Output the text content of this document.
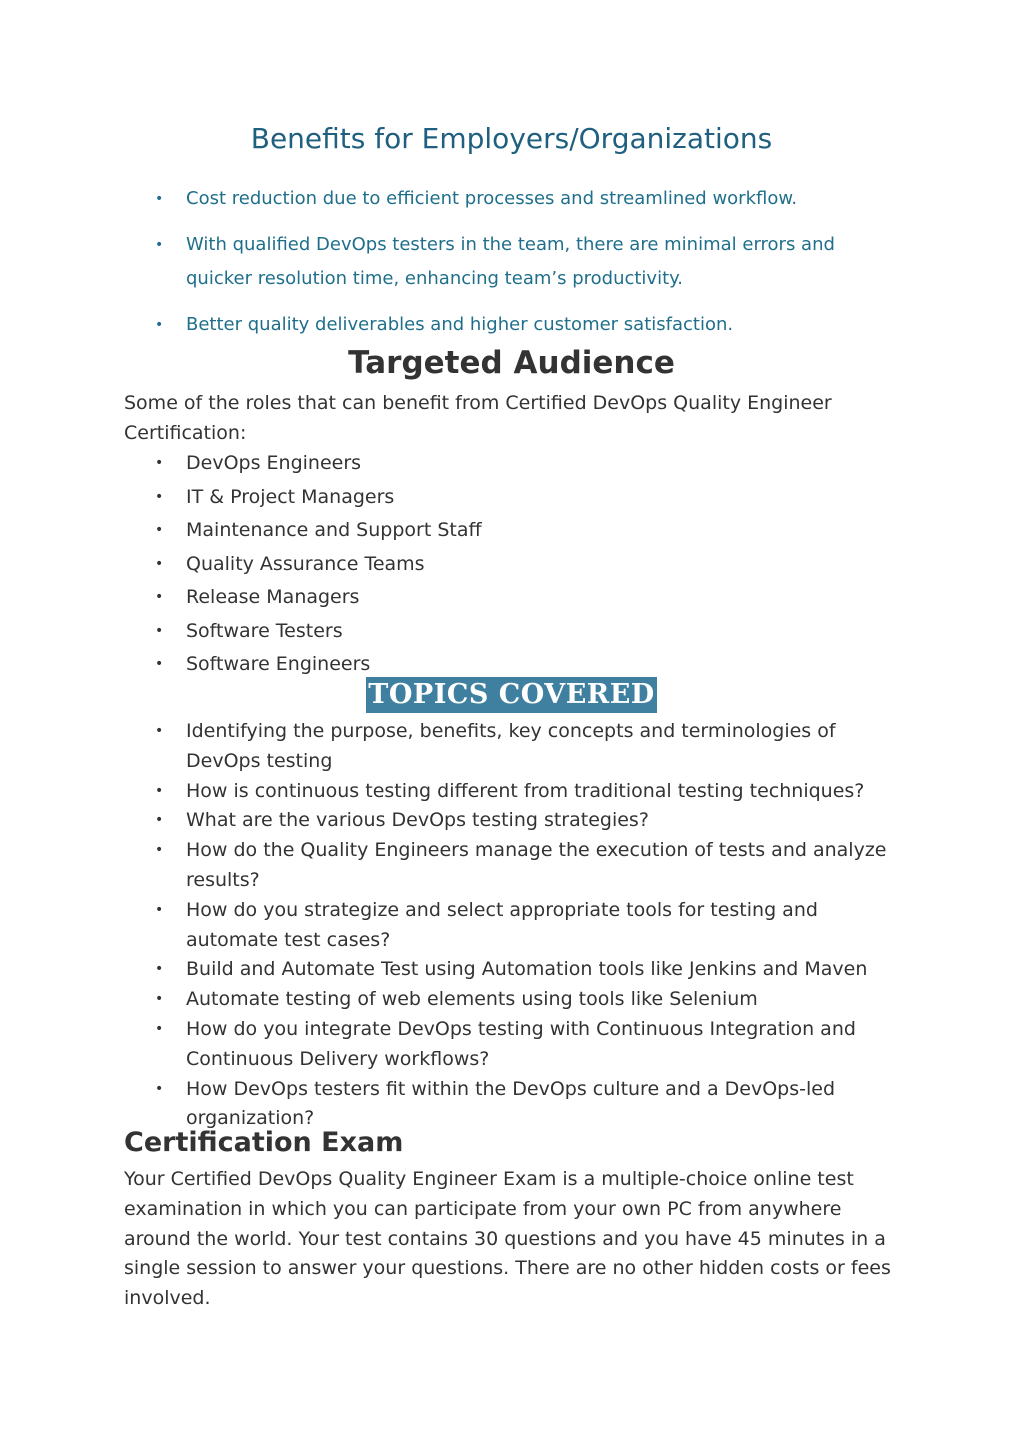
Benefits for Employers/Organizations
• Cost reduction due to efficient processes and streamlined workflow.
• With qualified DevOps testers in the team, there are minimal errors and quicker resolution time, enhancing team’s productivity.
• Better quality deliverables and higher customer satisfaction.
Targeted Audience

Some of the roles that can benefit from Certified DevOps Quality Engineer Certification:

• DevOps Engineers
• IT & Project Managers
• Maintenance and Support Staff
• Quality Assurance Teams
• Release Managers
• Software Testers
• Software Engineers
TOPICS COVERED
• Identifying the purpose, benefits, key concepts and terminologies of DevOps testing
• How is continuous testing different from traditional testing techniques?
• What are the various DevOps testing strategies?
• How do the Quality Engineers manage the execution of tests and analyze results?
• How do you strategize and select appropriate tools for testing and automate test cases?
• Build and Automate Test using Automation tools like Jenkins and Maven
• Automate testing of web elements using tools like Selenium
• How do you integrate DevOps testing with Continuous Integration and Continuous Delivery workflows?
• How DevOps testers fit within the DevOps culture and a DevOps-led organization?
Certification Exam

Your Certified DevOps Quality Engineer Exam is a multiple-choice online test examination in which you can participate from your own PC from anywhere around the world. Your test contains 30 questions and you have 45 minutes in a single session to answer your questions. There are no other hidden costs or fees involved.
